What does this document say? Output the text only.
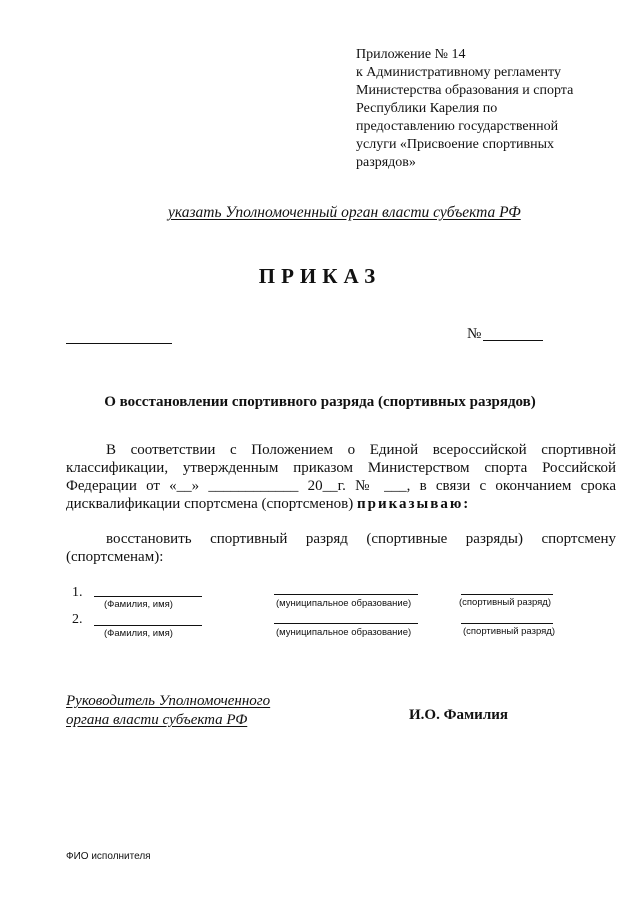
Приложение № 14
к Административному регламенту
Министерства образования и спорта
Республики Карелия по
предоставлению государственной
услуги «Присвоение спортивных
разрядов»
указать Уполномоченный орган власти субъекта РФ
ПРИКАЗ
№
О восстановлении спортивного разряда (спортивных разрядов)
В соответствии с Положением о Единой всероссийской спортивной
классификации, утвержденным приказом Министерством спорта Российской
Федерации от «__» ____________ 20__г. № ___, в связи с окончанием срока
дисквалификации спортсмена (спортсменов) приказываю:
восстановить спортивный разряд (спортивные разряды) спортсмену
(спортсменам):
1.
(Фамилия, имя)	(муниципальное образование)	(спортивный разряд)
2.
(Фамилия, имя)	(муниципальное образование)	(спортивный разряд)
Руководитель Уполномоченного
органа власти субъекта РФ	И.О. Фамилия
ФИО исполнителя
